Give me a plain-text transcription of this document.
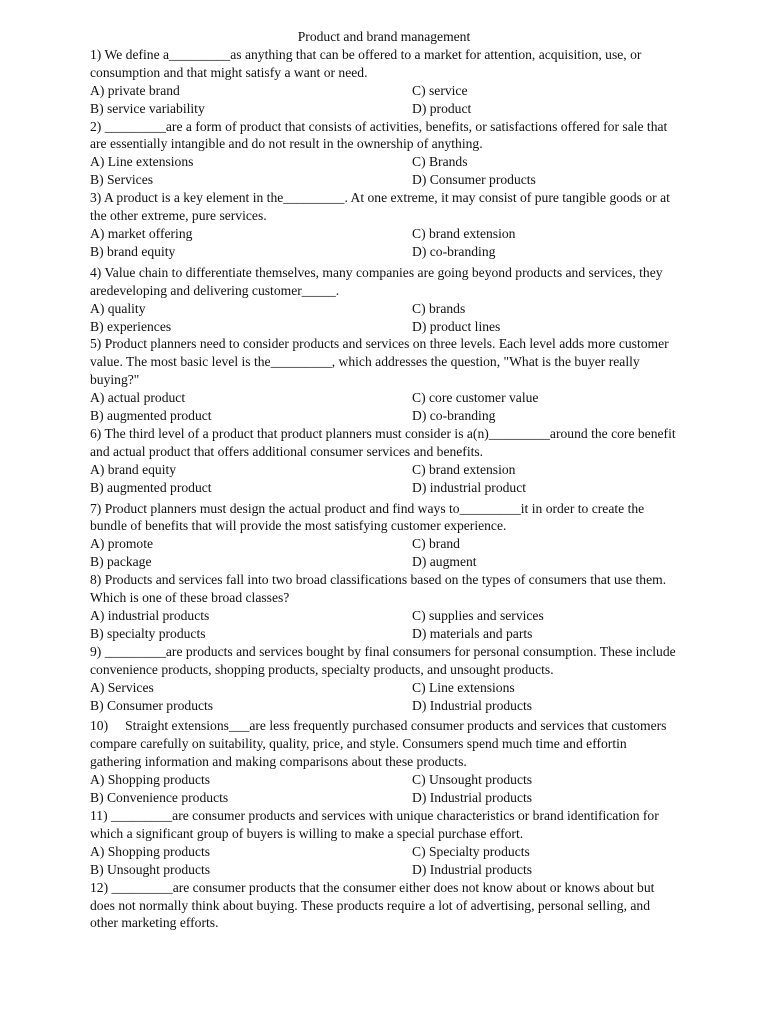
Product and brand management

1) We define a_________as anything that can be offered to a market for attention, acquisition, use, or consumption and that might satisfy a want or need.

A) private brand	C) service
B) service variability	D) product

2) _________are a form of product that consists of activities, benefits, or satisfactions offered for sale that are essentially intangible and do not result in the ownership of anything.

A) Line extensions	C) Brands
B) Services	D) Consumer products

3) A product is a key element in the_________. At one extreme, it may consist of pure tangible goods or at the other extreme, pure services.

A) market offering	C) brand extension
B) brand equity	D) co-branding

4) Value chain to differentiate themselves, many companies are going beyond products and services, they aredeveloping and delivering customer_____.

A) quality	C) brands
B) experiences	D) product lines

5) Product planners need to consider products and services on three levels. Each level adds more customer value. The most basic level is the_________, which addresses the question, "What is the buyer really buying?"

A) actual product	C) core customer value
B) augmented product	D) co-branding

6) The third level of a product that product planners must consider is a(n)_________around the core benefit and actual product that offers additional consumer services and benefits.

A) brand equity	C) brand extension
B) augmented product	D) industrial product

7) Product planners must design the actual product and find ways to_________it in order to create the bundle of benefits that will provide the most satisfying customer experience.

A) promote	C) brand
B) package	D) augment

8) Products and services fall into two broad classifications based on the types of consumers that use them. Which is one of these broad classes?

A) industrial products	C) supplies and services
B) specialty products	D) materials and parts

9) _________are products and services bought by final consumers for personal consumption. These include convenience products, shopping products, specialty products, and unsought products.

A) Services	C) Line extensions
B) Consumer products	D) Industrial products

10)     Straight extensions___are less frequently purchased consumer products and services that customers compare carefully on suitability, quality, price, and style. Consumers spend much time and effortin gathering information and making comparisons about these products.

A) Shopping products	C) Unsought products
B) Convenience products	D) Industrial products

11) _________are consumer products and services with unique characteristics or brand identification for which a significant group of buyers is willing to make a special purchase effort.

A) Shopping products	C) Specialty products
B) Unsought products	D) Industrial products

12) _________are consumer products that the consumer either does not know about or knows about but does not normally think about buying. These products require a lot of advertising, personal selling, and other marketing efforts.
